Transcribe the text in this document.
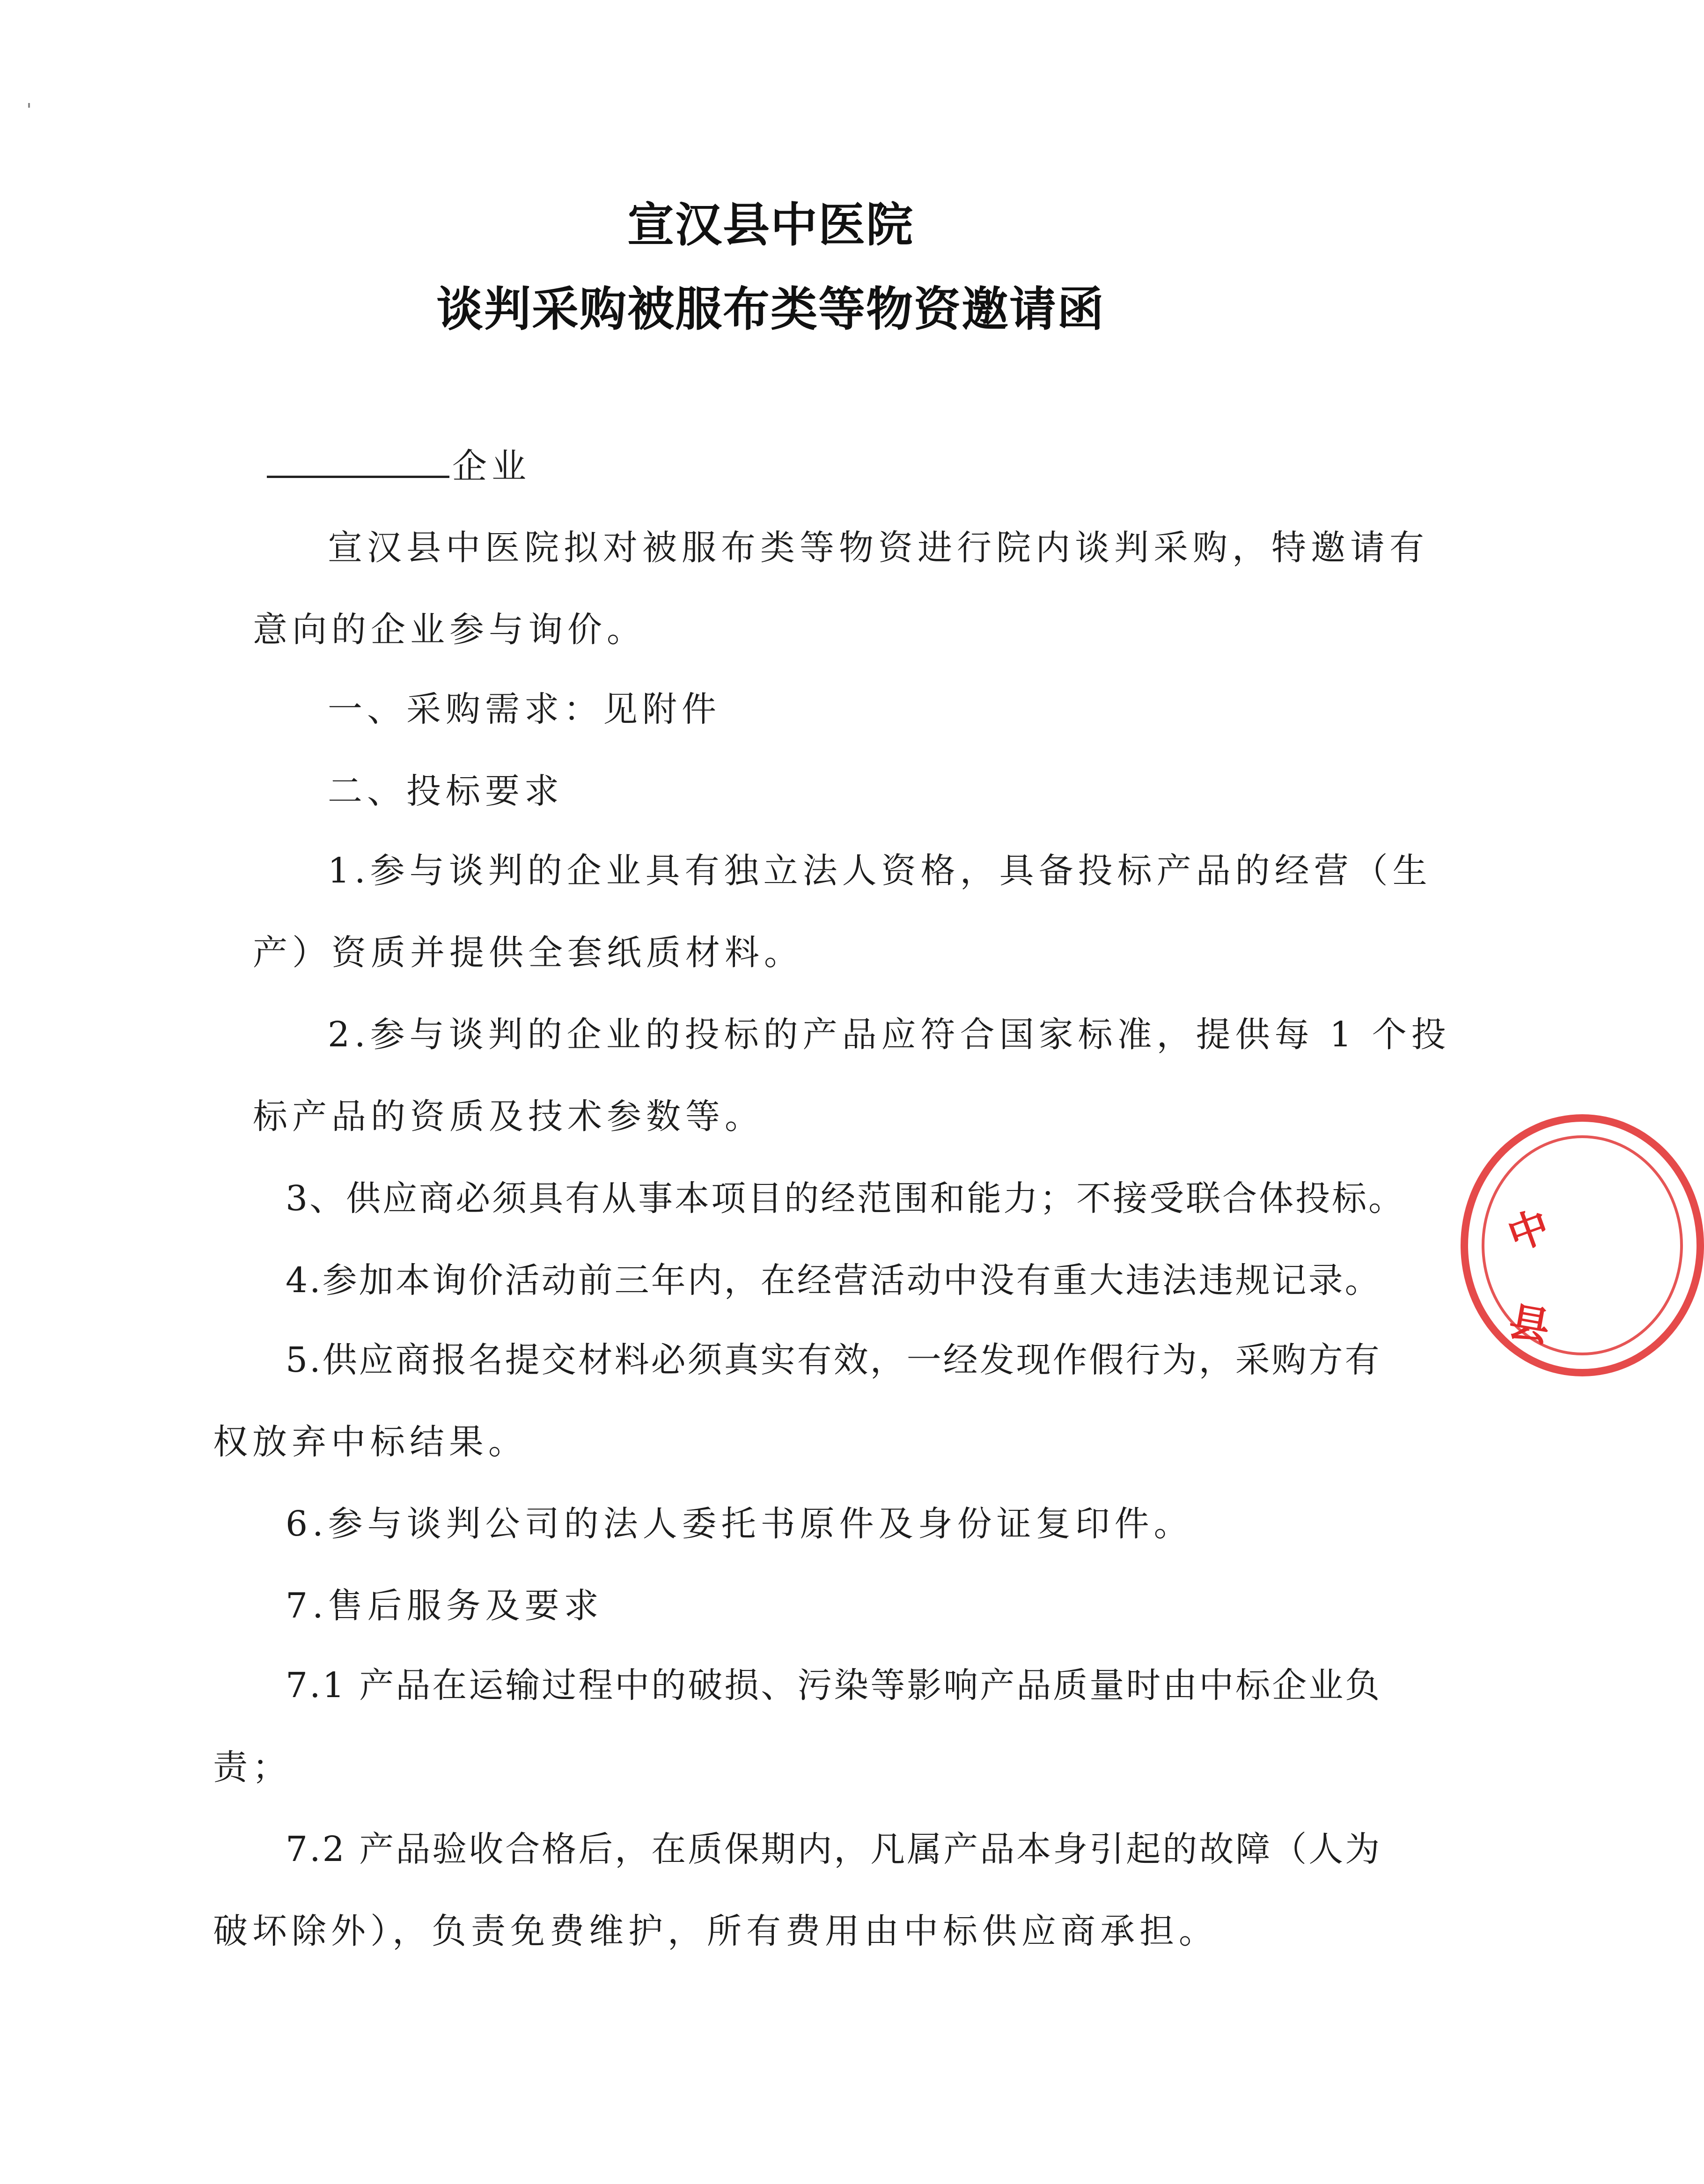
宣汉县中医院
谈判采购被服布类等物资邀请函
企业
宣汉县中医院拟对被服布类等物资进行院内谈判采购，特邀请有
意向的企业参与询价。
一、采购需求：见附件
二、投标要求
1.参与谈判的企业具有独立法人资格，具备投标产品的经营（生
产）资质并提供全套纸质材料。
2.参与谈判的企业的投标的产品应符合国家标准，提供每 1 个投
标产品的资质及技术参数等。
3、供应商必须具有从事本项目的经范围和能力；不接受联合体投标。
4.参加本询价活动前三年内，在经营活动中没有重大违法违规记录。
5.供应商报名提交材料必须真实有效，一经发现作假行为，采购方有
权放弃中标结果。
6.参与谈判公司的法人委托书原件及身份证复印件。
7.售后服务及要求
7.1 产品在运输过程中的破损、污染等影响产品质量时由中标企业负
责；
7.2 产品验收合格后，在质保期内，凡属产品本身引起的故障（人为
破坏除外），负责免费维护，所有费用由中标供应商承担。
中
县
